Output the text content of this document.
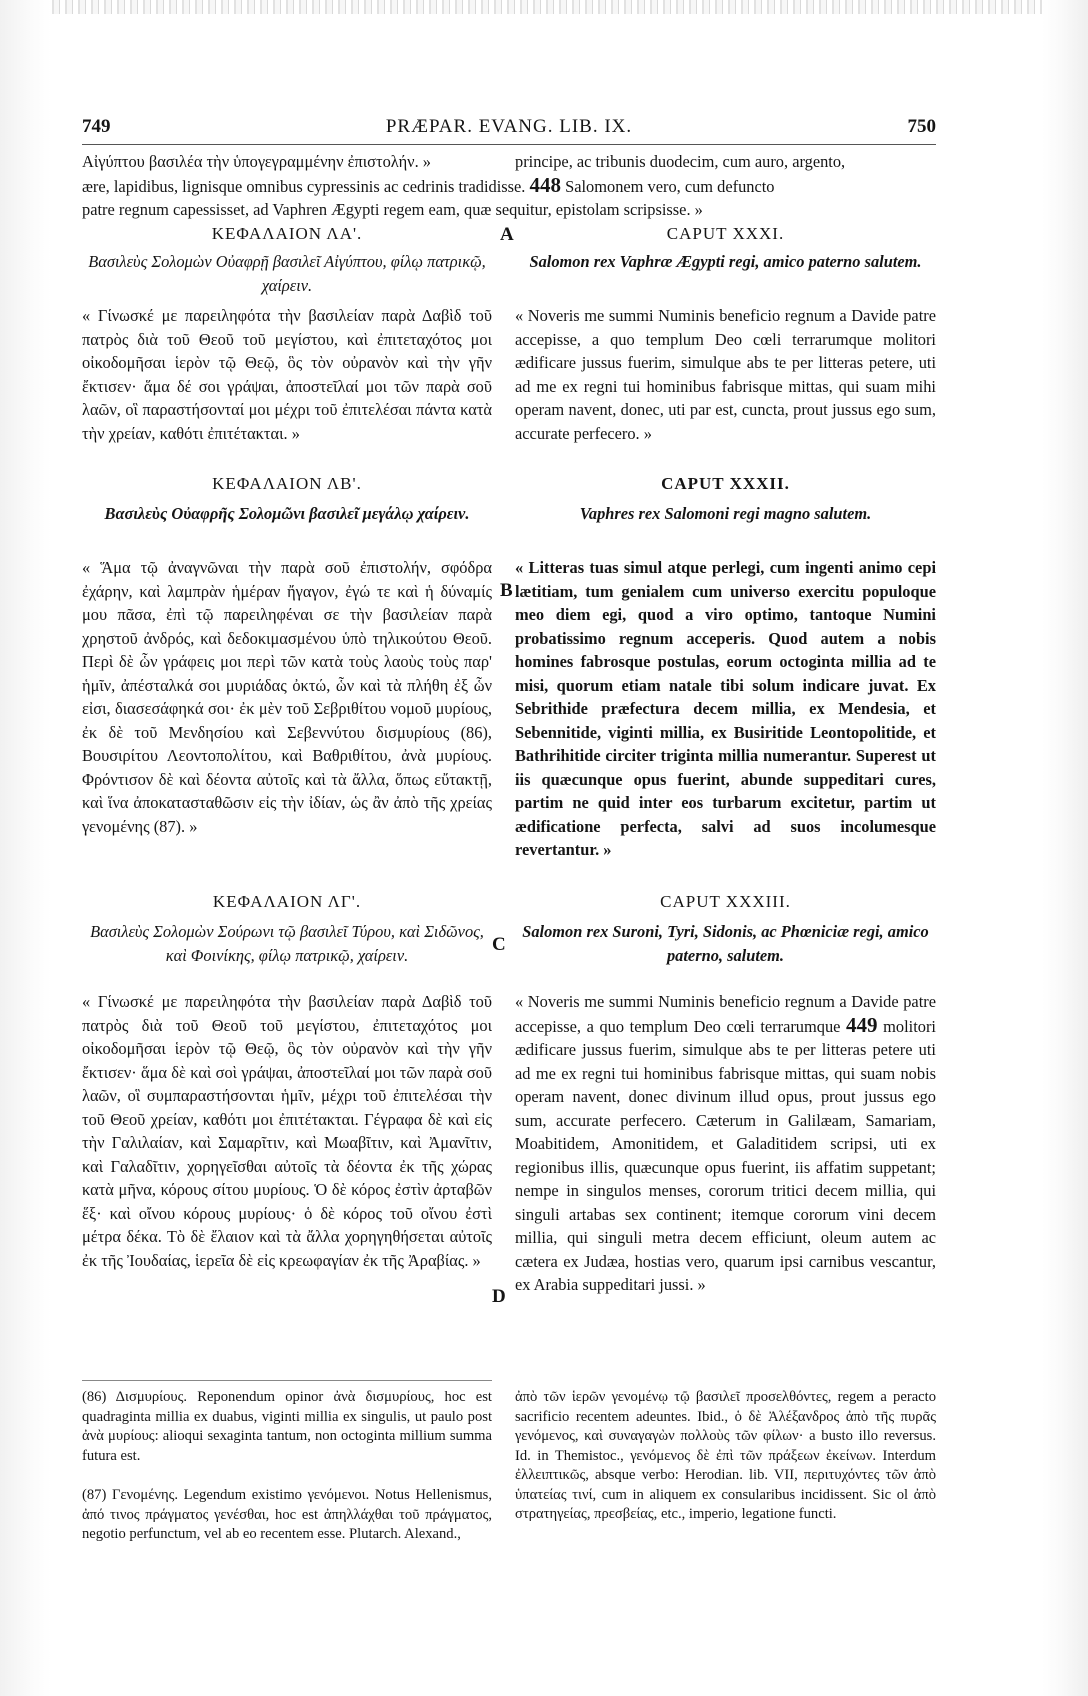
749	PRÆPAR. EVANG. LIB. IX.	750

Αἰγύπτου βασιλέα τὴν ὑπογεγραμμένην ἐπιστολήν. »	principe, ac tribunis duodecim, cum auro, argento,

ære, lapidibus, lignisque omnibus cypressinis ac cedrinis tradidisse. 448 Salomonem vero, cum defuncto

patre regnum capessisset, ad Vaphren Ægypti regem eam, quæ sequitur, epistolam scripsisse. »

ΚΕΦΑΛΑΙΟΝ ΛΑ'.	A	CAPUT XXXI.

Βασιλεὺς Σολομὼν Οὐαφρῇ βασιλεῖ Αἰγύπτου, φίλῳ πατρικῷ, χαίρειν.

Salomon rex Vaphræ Ægypti regi, amico paterno salutem.

« Γίνωσκέ με παρειληφότα τὴν βασιλείαν παρὰ Δαβὶδ τοῦ πατρὸς διὰ τοῦ Θεοῦ τοῦ μεγίστου, καὶ ἐπιτεταχότος μοι οἰκοδομῆσαι ἱερὸν τῷ Θεῷ, ὃς τὸν οὐρανὸν καὶ τὴν γῆν ἔκτισεν· ἅμα δέ σοι γράψαι, ἀποστεῖλαί μοι τῶν παρὰ σοῦ λαῶν, οἳ παραστήσονταί μοι μέχρι τοῦ ἐπιτελέσαι πάντα κατὰ τὴν χρείαν, καθότι ἐπιτέτακται. »

« Noveris me summi Numinis beneficio regnum a Davide patre accepisse, a quo templum Deo cœli terrarumque molitori ædificare jussus fuerim, simulque abs te per litteras petere, uti ad me ex regni tui hominibus fabrisque mittas, qui suam mihi operam navent, donec, uti par est, cuncta, prout jussus ego sum, accurate perfecero. »

ΚΕΦΑΛΑΙΟΝ ΛΒ'.	CAPUT XXXII.

Βασιλεὺς Οὐαφρῆς Σολομῶνι βασιλεῖ μεγάλῳ χαίρειν.	Vaphres rex Salomoni regi magno salutem.

« Ἅμα τῷ ἀναγνῶναι τὴν παρὰ σοῦ ἐπιστολήν, σφόδρα ἐχάρην, καὶ λαμπρὰν ἡμέραν ἤγαγον, ἐγώ τε καὶ ἡ δύναμίς μου πᾶσα, ἐπὶ τῷ παρειληφέναι σε τὴν βασιλείαν παρὰ χρηστοῦ ἀνδρός, καὶ δεδοκιμασμένου ὑπὸ τηλικούτου Θεοῦ. Περὶ δὲ ὧν γράφεις μοι περὶ τῶν κατὰ τοὺς λαοὺς τοὺς παρ' ἡμῖν, ἀπέσταλκά σοι μυριάδας ὀκτώ, ὧν καὶ τὰ πλήθη ἐξ ὧν εἰσι, διασεσάφηκά σοι· ἐκ μὲν τοῦ Σεβριθίτου νομοῦ μυρίους, ἐκ δὲ τοῦ Μενδησίου καὶ Σεβεννύτου δισμυρίους (86), Βουσιρίτου Λεοντοπολίτου, καὶ Βαθριθίτου, ἀνὰ μυρίους. Φρόντισον δὲ καὶ δέοντα αὐτοῖς καὶ τὰ ἄλλα, ὅπως εὔτακτῇ, καὶ ἵνα ἀποκατασταθῶσιν εἰς τὴν ἰδίαν, ὡς ἂν ἀπὸ τῆς χρείας γενομένης (87). »

B

« Litteras tuas simul atque perlegi, cum ingenti animo cepi lætitiam, tum genialem cum universo exercitu populoque meo diem egi, quod a viro optimo, tantoque Numini probatissimo regnum acceperis. Quod autem a nobis homines fabrosque postulas, eorum octoginta millia ad te misi, quorum etiam natale tibi solum indicare juvat. Ex Sebrithide præfectura decem millia, ex Mendesia, et Sebennitide, viginti millia, ex Busiritide Leontopolitide, et Bathrihitide circiter triginta millia numerantur. Superest ut iis quæcunque opus fuerint, abunde suppeditari cures, partim ne quid inter eos turbarum excitetur, partim ut ædificatione perfecta, salvi ad suos incolumesque revertantur. »

ΚΕΦΑΛΑΙΟΝ ΛΓ'.	CAPUT XXXIII.

Βασιλεὺς Σολομὼν Σούρωνι τῷ βασιλεῖ Τύρου, καὶ Σιδῶνος, καὶ Φοινίκης, φίλῳ πατρικῷ, χαίρειν.	C

Salomon rex Suroni, Tyri, Sidonis, ac Phœniciæ regi, amico paterno, salutem.

« Γίνωσκέ με παρειληφότα τὴν βασιλείαν παρὰ Δαβὶδ τοῦ πατρὸς διὰ τοῦ Θεοῦ τοῦ μεγίστου, ἐπιτεταχότος μοι οἰκοδομῆσαι ἱερὸν τῷ Θεῷ, ὃς τὸν οὐρανὸν καὶ τὴν γῆν ἔκτισεν· ἅμα δὲ καὶ σοὶ γράψαι, ἀποστεῖλαί μοι τῶν παρὰ σοῦ λαῶν, οἳ συμπαραστήσονται ἡμῖν, μέχρι τοῦ ἐπιτελέσαι τὴν τοῦ Θεοῦ χρείαν, καθότι μοι ἐπιτέτακται. Γέγραφα δὲ καὶ εἰς τὴν Γαλιλαίαν, καὶ Σαμαρῖτιν, καὶ Μωαβῖτιν, καὶ Ἀμανῖτιν, καὶ Γαλαδῖτιν, χορηγεῖσθαι αὐτοῖς τὰ δέοντα ἐκ τῆς χώρας κατὰ μῆνα, κόρους σίτου μυρίους. Ὁ δὲ κόρος ἐστὶν ἀρταβῶν ἕξ· καὶ οἴνου κόρους μυρίους· ὁ δὲ κόρος τοῦ οἴνου ἐστὶ μέτρα δέκα. Τὸ δὲ ἔλαιον καὶ τὰ ἄλλα χορηγηθήσεται αὐτοῖς ἐκ τῆς Ἰουδαίας, ἱερεῖα δὲ εἰς κρεωφαγίαν ἐκ τῆς Ἀραβίας. »

D

« Noveris me summi Numinis beneficio regnum a Davide patre accepisse, a quo templum Deo cœli terrarumque 449 molitori ædificare jussus fuerim, simulque abs te per litteras petere uti ad me ex regni tui hominibus fabrisque mittas, qui suam nobis operam navent, donec divinum illud opus, prout jussus ego sum, accurate perfecero. Cæterum in Galilæam, Samariam, Moabitidem, Amonitidem, et Galaditidem scripsi, uti ex regionibus illis, quæcunque opus fuerint, iis affatim suppetant; nempe in singulos menses, cororum tritici decem millia, qui singuli artabas sex continent; itemque cororum vini decem millia, qui singuli metra decem efficiunt, oleum autem ac cætera ex Judæa, hostias vero, quarum ipsi carnibus vescantur, ex Arabia suppeditari jussi. »

(86) Δισμυρίους. Reponendum opinor ἀνὰ δισμυρίους, hoc est quadraginta millia ex duabus, viginti millia ex singulis, ut paulo post ἀνὰ μυρίους: alioqui sexaginta tantum, non octoginta millium summa futura est.

(87) Γενομένης. Legendum existimo γενόμενοι. Notus Hellenismus, ἀπό τινος πράγματος γενέσθαι, hoc est ἀπηλλάχθαι τοῦ πράγματος, negotio perfunctum, vel ab eo recentem esse. Plutarch. Alexand.,

ἀπὸ τῶν ἱερῶν γενομένῳ τῷ βασιλεῖ προσελθόντες, regem a peracto sacrificio recentem adeuntes. Ibid., ὁ δὲ Ἀλέξανδρος ἀπὸ τῆς πυρᾶς γενόμενος, καὶ συναγαγὼν πολλοὺς τῶν φίλων· a busto illo reversus. Id. in Themistoc., γενόμενος δὲ ἐπὶ τῶν πράξεων ἐκείνων. Interdum ἐλλειπτικῶς, absque verbo: Herodian. lib. VII, περιτυχόντες τῶν ἀπὸ ὑπατείας τινί, cum in aliquem ex consularibus incidissent. Sic ol ἀπὸ στρατηγείας, πρεσβείας, etc., imperio, legatione functi.
